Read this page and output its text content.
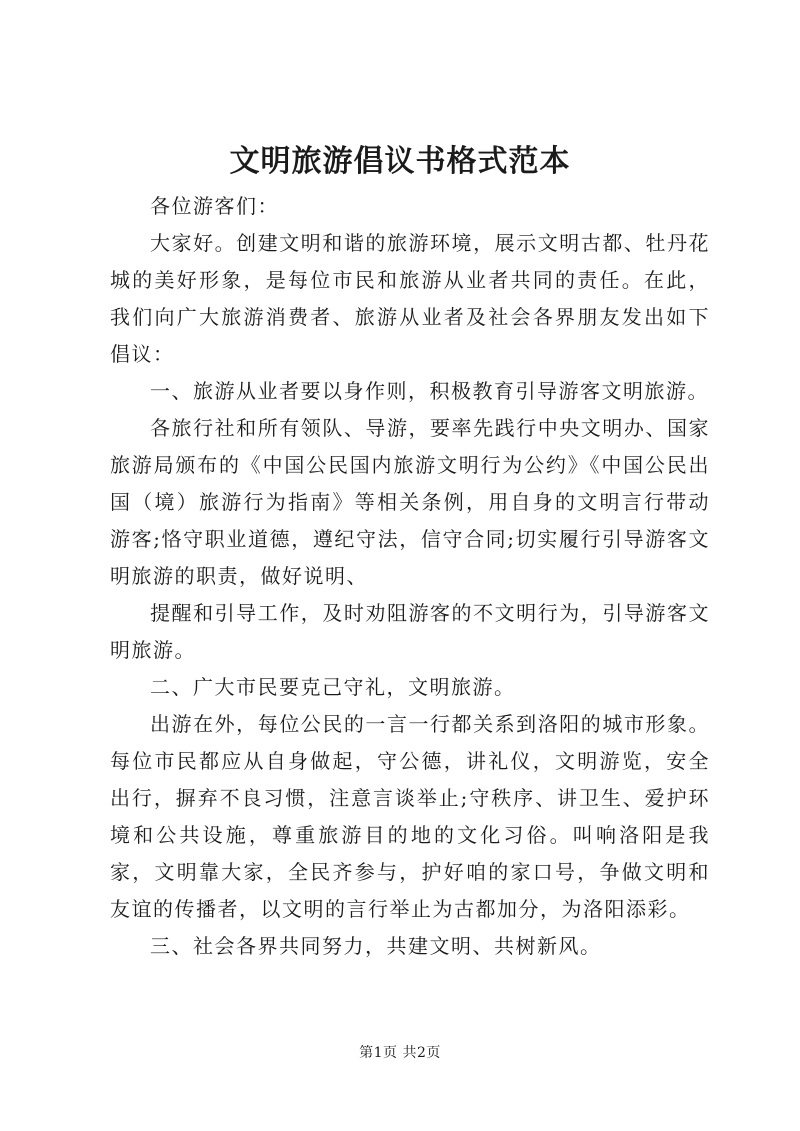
文明旅游倡议书格式范本

各位游客们：

大家好。创建文明和谐的旅游环境，展示文明古都、牡丹花城的美好形象，是每位市民和旅游从业者共同的责任。在此，我们向广大旅游消费者、旅游从业者及社会各界朋友发出如下倡议：

一、旅游从业者要以身作则，积极教育引导游客文明旅游。

各旅行社和所有领队、导游，要率先践行中央文明办、国家旅游局颁布的《中国公民国内旅游文明行为公约》《中国公民出国（境）旅游行为指南》等相关条例，用自身的文明言行带动游客;恪守职业道德，遵纪守法，信守合同;切实履行引导游客文明旅游的职责，做好说明、

提醒和引导工作，及时劝阻游客的不文明行为，引导游客文明旅游。

二、广大市民要克己守礼，文明旅游。

出游在外，每位公民的一言一行都关系到洛阳的城市形象。每位市民都应从自身做起，守公德，讲礼仪，文明游览，安全出行，摒弃不良习惯，注意言谈举止;守秩序、讲卫生、爱护环境和公共设施，尊重旅游目的地的文化习俗。叫响洛阳是我家，文明靠大家，全民齐参与，护好咱的家口号，争做文明和友谊的传播者，以文明的言行举止为古都加分，为洛阳添彩。

三、社会各界共同努力，共建文明、共树新风。

第1页 共2页
